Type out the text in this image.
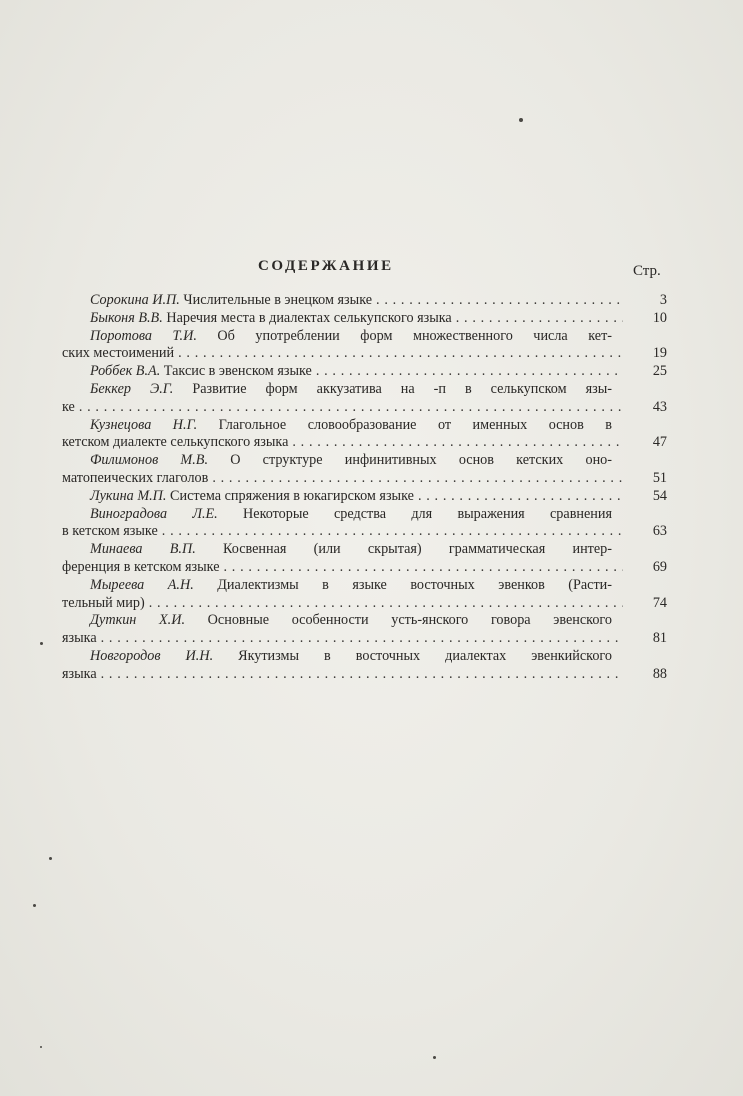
СОДЕРЖАНИЕ	Стр.
Сорокина И.П. Числительные в энецком языке . . .	3
Быконя В.В. Наречия места в диалектах селькупского языка . . .	10
Поротова Т.И. Об употреблении форм множественного числа кет-
ских местоимений . . .	19
Роббек В.А. Таксис в эвенском языке . . .	25
Беккер Э.Г. Развитие форм аккузатива на -п в селькупском язы-
ке . . .	43
Кузнецова Н.Г. Глагольное словообразование от именных основ в
кетском диалекте селькупского языка . . .	47
Филимонов М.В. О структуре инфинитивных основ кетских оно-
матопеических глаголов . . .	51
Лукина М.П. Система спряжения в юкагирском языке . . .	54
Виноградова Л.Е. Некоторые средства для выражения сравнения
в кетском языке . . .	63
Минаева В.П. Косвенная (или скрытая) грамматическая интер-
ференция в кетском языке . . .	69
Мыреева А.Н. Диалектизмы в языке восточных эвенков (Расти-
тельный мир) . . .	74
Дуткин Х.И. Основные особенности усть-янского говора эвенского
языка . . .	81
Новгородов И.Н. Якутизмы в восточных диалектах эвенкийского
языка . . .	88
